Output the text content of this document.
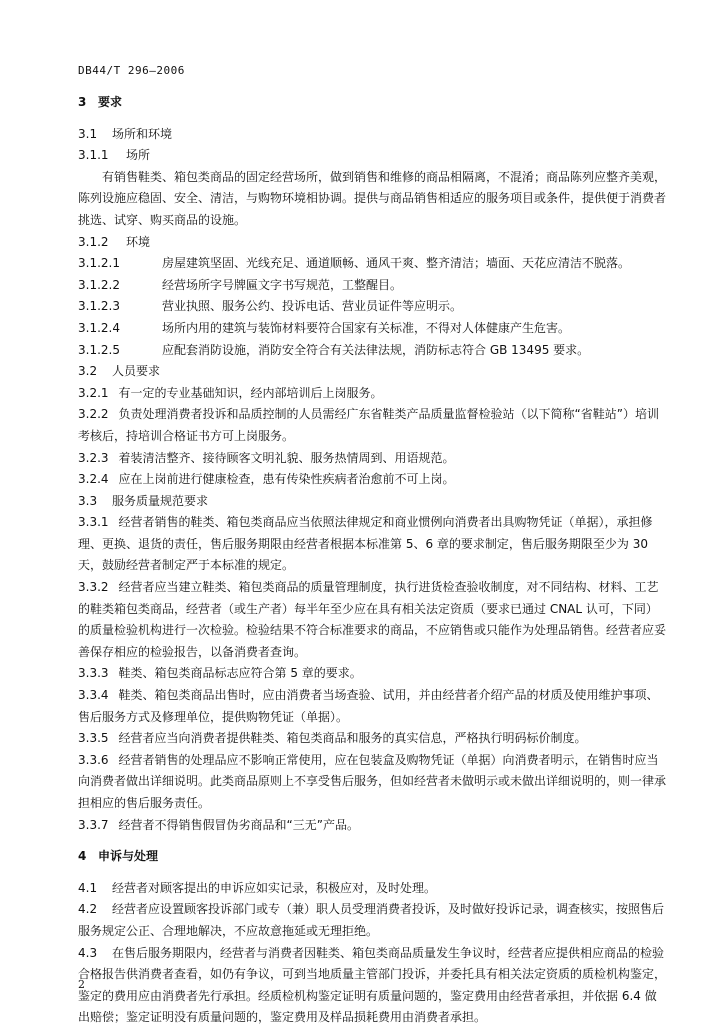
DB44/T 296—2006

3 要求

3.1 场所和环境

3.1.1 场所

有销售鞋类、箱包类商品的固定经营场所，做到销售和维修的商品相隔离，不混淆；商品陈列应整齐美观，陈列设施应稳固、安全、清洁，与购物环境相协调。提供与商品销售相适应的服务项目或条件，提供便于消费者挑选、试穿、购买商品的设施。

3.1.2 环境

3.1.2.1	房屋建筑坚固、光线充足、通道顺畅、通风干爽、整齐清洁；墙面、天花应清洁不脱落。

3.1.2.2	经营场所字号牌匾文字书写规范，工整醒目。

3.1.2.3	营业执照、服务公约、投诉电话、营业员证件等应明示。

3.1.2.4	场所内用的建筑与装饰材料要符合国家有关标准，不得对人体健康产生危害。

3.1.2.5	应配套消防设施，消防安全符合有关法律法规，消防标志符合 GB 13495 要求。

3.2 人员要求

3.2.1 有一定的专业基础知识，经内部培训后上岗服务。

3.2.2 负责处理消费者投诉和品质控制的人员需经广东省鞋类产品质量监督检验站（以下简称“省鞋站”）培训考核后，持培训合格证书方可上岗服务。

3.2.3 着装清洁整齐、接待顾客文明礼貌、服务热情周到、用语规范。

3.2.4 应在上岗前进行健康检查，患有传染性疾病者治愈前不可上岗。

3.3 服务质量规范要求

3.3.1 经营者销售的鞋类、箱包类商品应当依照法律规定和商业惯例向消费者出具购物凭证（单据），承担修理、更换、退货的责任，售后服务期限由经营者根据本标准第 5、6 章的要求制定，售后服务期限至少为 30 天，鼓励经营者制定严于本标准的规定。

3.3.2 经营者应当建立鞋类、箱包类商品的质量管理制度，执行进货检查验收制度，对不同结构、材料、工艺的鞋类箱包类商品，经营者（或生产者）每半年至少应在具有相关法定资质（要求已通过 CNAL 认可，下同）的质量检验机构进行一次检验。检验结果不符合标准要求的商品，不应销售或只能作为处理品销售。经营者应妥善保存相应的检验报告，以备消费者查询。

3.3.3 鞋类、箱包类商品标志应符合第 5 章的要求。

3.3.4 鞋类、箱包类商品出售时，应由消费者当场查验、试用，并由经营者介绍产品的材质及使用维护事项、售后服务方式及修理单位，提供购物凭证（单据）。

3.3.5 经营者应当向消费者提供鞋类、箱包类商品和服务的真实信息，严格执行明码标价制度。

3.3.6 经营者销售的处理品应不影响正常使用，应在包装盒及购物凭证（单据）向消费者明示，在销售时应当向消费者做出详细说明。此类商品原则上不享受售后服务，但如经营者未做明示或未做出详细说明的，则一律承担相应的售后服务责任。

3.3.7 经营者不得销售假冒伪劣商品和“三无”产品。

4 申诉与处理

4.1 经营者对顾客提出的申诉应如实记录，积极应对，及时处理。

4.2 经营者应设置顾客投诉部门或专（兼）职人员受理消费者投诉，及时做好投诉记录，调查核实，按照售后服务规定公正、合理地解决，不应故意拖延或无理拒绝。

4.3 在售后服务期限内，经营者与消费者因鞋类、箱包类商品质量发生争议时，经营者应提供相应商品的检验合格报告供消费者查看，如仍有争议，可到当地质量主管部门投诉，并委托具有相关法定资质的质检机构鉴定，鉴定的费用应由消费者先行承担。经质检机构鉴定证明有质量问题的，鉴定费用由经营者承担，并依据 6.4 做出赔偿；鉴定证明没有质量问题的，鉴定费用及样品损耗费用由消费者承担。

2
